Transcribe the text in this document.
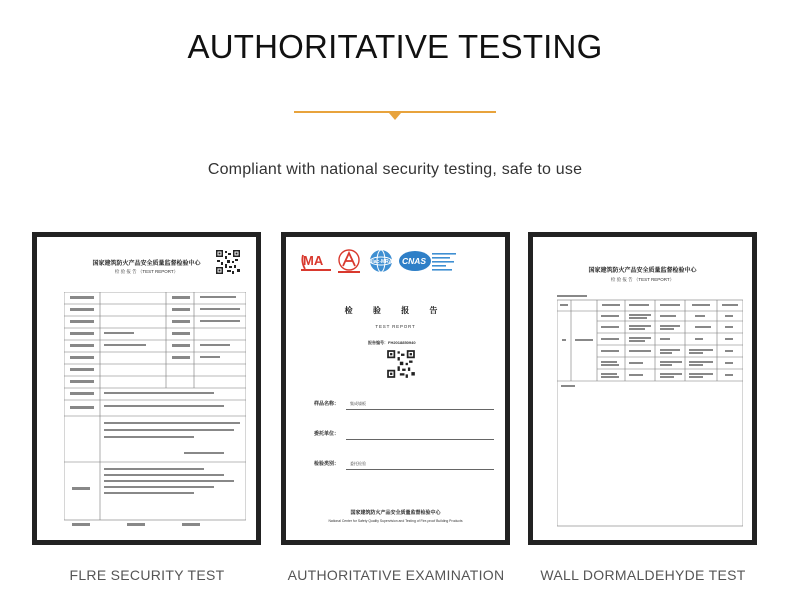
AUTHORITATIVE TESTING
Compliant with national security testing, safe to use
国家建筑防火产品安全质量监督检验中心
检 验 报 告 （TEST REPORT）
MA	ilac-MRA CNAS
检 验 报 告
TEST REPORT
报告编号：FH2018850940
样品名称：	集成墙板
委托单位：
检验类别：	委托检验
国家建筑防火产品安全质量监督检验中心
National Center for Safety Quality Supervision and Testing of Fire-proof Building Products
国家建筑防火产品安全质量监督检验中心
检 验 报 告 （TEST REPORT）
FLRE SECURITY TEST	AUTHORITATIVE EXAMINATION	WALL DORMALDEHYDE TEST
